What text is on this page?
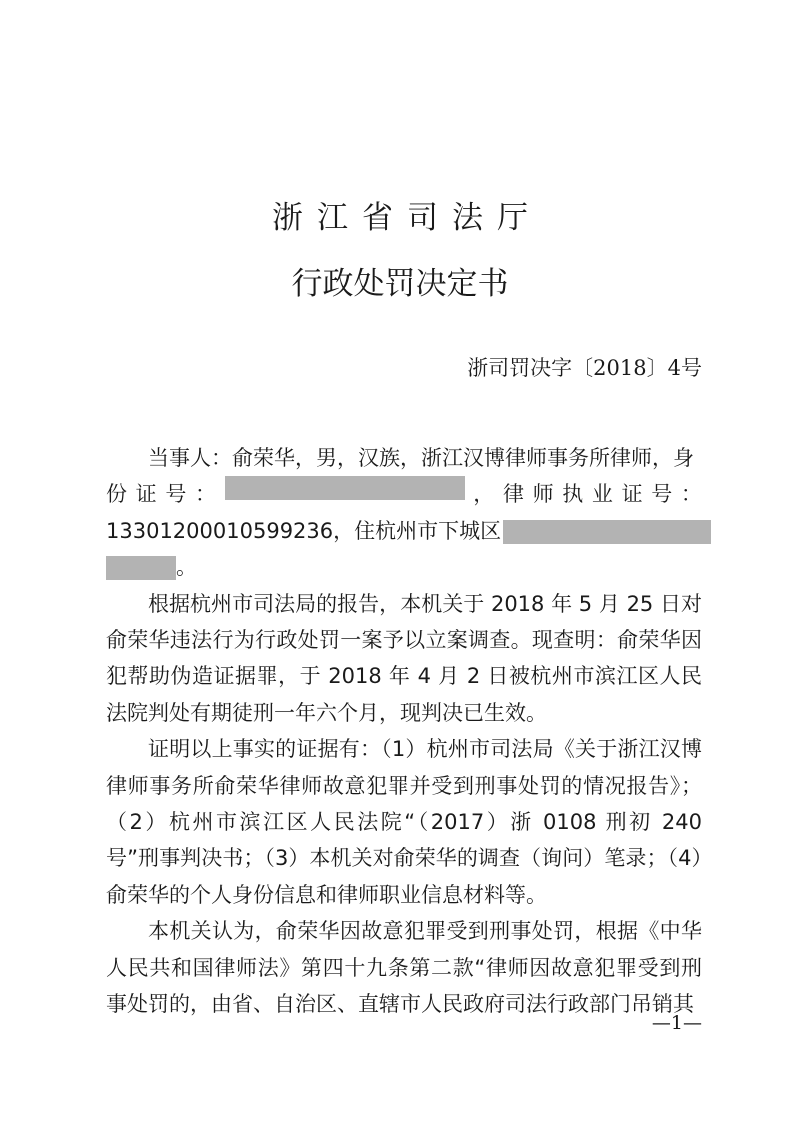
浙江省司法厅
行政处罚决定书
浙司罚决字〔2018〕4号

当事人：俞荣华，男，汉族，浙江汉博律师事务所律师，身

份 证 号 ：	， 律 师 执 业 证 号 ：
13301200010599236，住杭州市下城区
。

根据杭州市司法局的报告，本机关于 2018 年 5 月 25 日对俞荣华违法行为行政处罚一案予以立案调查。现查明：俞荣华因犯帮助伪造证据罪，于 2018 年 4 月 2 日被杭州市滨江区人民法院判处有期徒刑一年六个月，现判决已生效。

证明以上事实的证据有：（1）杭州市司法局《关于浙江汉博律师事务所俞荣华律师故意犯罪并受到刑事处罚的情况报告》；（2）杭州市滨江区人民法院“（2017）浙 0108 刑初 240 号”刑事判决书；（3）本机关对俞荣华的调查（询问）笔录；（4）俞荣华的个人身份信息和律师职业信息材料等。

本机关认为，俞荣华因故意犯罪受到刑事处罚，根据《中华人民共和国律师法》第四十九条第二款“律师因故意犯罪受到刑事处罚的，由省、自治区、直辖市人民政府司法行政部门吊销其

—1—
